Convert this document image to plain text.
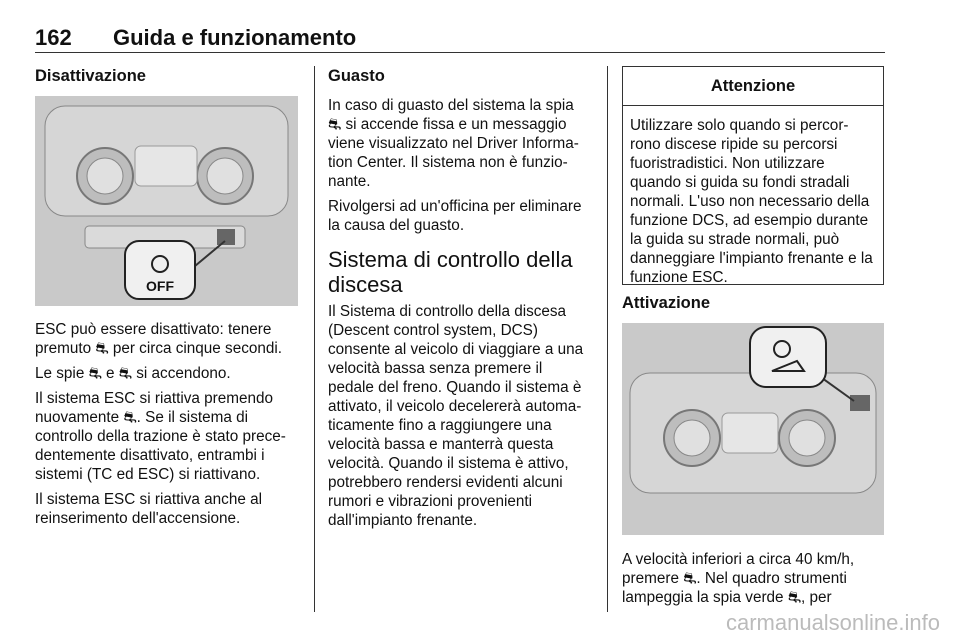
162 Guida e funzionamento
Disattivazione
OFF

ESC può essere disattivato: tenere premuto ⛐ per circa cinque secondi.

Le spie ⛐ e ⛐ si accendono.

Il sistema ESC si riattiva premendo nuovamente ⛐. Se il sistema di controllo della trazione è stato prece-dentemente disattivato, entrambi i sistemi (TC ed ESC) si riattivano.

Il sistema ESC si riattiva anche al reinserimento dell'accensione.

Guasto

In caso di guasto del sistema la spia ⛐ si accende fissa e un messaggio viene visualizzato nel Driver Informa-tion Center. Il sistema non è funzio-nante.

Rivolgersi ad un'officina per eliminare la causa del guasto.

Sistema di controllo della discesa

Il Sistema di controllo della discesa (Descent control system, DCS) consente al veicolo di viaggiare a una velocità bassa senza premere il pedale del freno. Quando il sistema è attivato, il veicolo decelererà automa-ticamente fino a raggiungere una velocità bassa e manterrà questa velocità. Quando il sistema è attivo, potrebbero rendersi evidenti alcuni rumori e vibrazioni provenienti dall'impianto frenante.

Attenzione
Utilizzare solo quando si percor-rono discese ripide su percorsi fuoristradistici. Non utilizzare quando si guida su fondi stradali normali. L'uso non necessario della funzione DCS, ad esempio durante la guida su strade normali, può danneggiare l'impianto frenante e la funzione ESC.
Attivazione

A velocità inferiori a circa 40 km/h, premere ⛐. Nel quadro strumenti lampeggia la spia verde ⛐, per

carmanualsonline.info
